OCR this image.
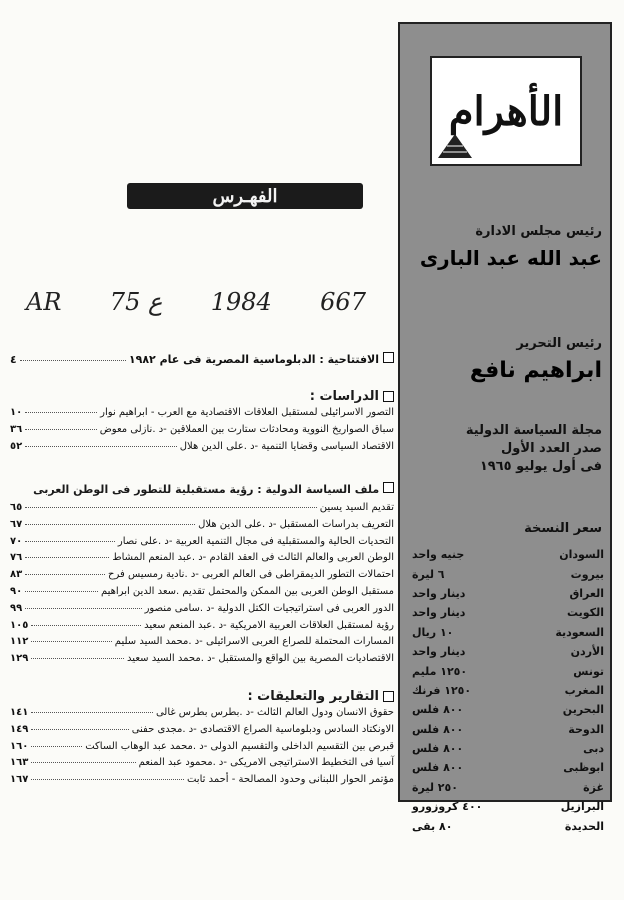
الأهرام
رئيس مجلس الادارة
عبد الله عبد البارى
رئيس التحرير
ابراهيم نافع
مجلة السياسة الدولية
صدر العدد الأول
فى أول يوليو ١٩٦٥
سعر النسخة
السودان
جنيه واحد
بيروت
٦ ليرة
العراق
دينار واحد
الكويت
دينار واحد
السعودية
١٠ ريال
الأردن
دينار واحد
تونس
١٢٥٠ مليم
المغرب
١٢٥٠ فرنك
البحرين
٨٠٠ فلس
الدوحة
٨٠٠ فلس
دبى
٨٠٠ فلس
ابوظبى
٨٠٠ فلس
غزة
٢٥٠ ليرة
البرازيل
٤٠٠ كروزورو
الحديدة
٨٠ بقى
الفهـرس
AR 75 ع 1984 667
الافتتاحية : الدبلوماسية المصرية فى عام ١٩٨٢
٤
الدراسات :
التصور الاسرائيلى لمستقبل العلاقات الاقتصادية مع العرب - ابراهيم نوار
١٠
سباق الصواريخ النووية ومحادثات ستارت بين العملاقين -د .نازلى معوض
٣٦
الاقتصاد السياسى وقضايا التنمية -د .على الدين هلال
٥٢
ملف السياسة الدولية : رؤية مستقبلية للتطور فى الوطن العربى
تقديم السيد يسين
٦٥
التعريف بدراسات المستقبل -د .على الدين هلال
٦٧
التحديات الحالية والمستقبلية فى مجال التنمية العربية -د .على نصار
٧٠
الوطن العربى والعالم الثالث فى العقد القادم -د .عبد المنعم المشاط
٧٦
احتمالات التطور الديمقراطى فى العالم العربى -د .نادية رمسيس فرح
٨٣
مستقبل الوطن العربى بين الممكن والمحتمل تقديم .سعد الدين ابراهيم
٩٠
الدور العربى فى استراتيجيات الكتل الدولية -د .سامى منصور
٩٩
رؤية لمستقبل العلاقات العربية الامريكية -د .عبد المنعم سعيد
١٠٥
المسارات المحتملة للصراع العربى الاسرائيلى -د .محمد السيد سليم
١١٢
الاقتصاديات المصرية بين الواقع والمستقبل -د .محمد السيد سعيد
١٢٩
التقارير والتعليقات :
حقوق الانسان ودول العالم الثالث -د .بطرس بطرس غالى
١٤١
الاونكتاد السادس ودبلوماسية الصراع الاقتصادى -د .مجدى حفنى
١٤٩
قبرص بين التقسيم الداخلى والتقسيم الدولى -د .محمد عبد الوهاب الساكت
١٦٠
آسيا فى التخطيط الاستراتيجى الامريكى -د .محمود عبد المنعم
١٦٣
مؤتمر الحوار اللبنانى وحدود المصالحة - أحمد ثابت
١٦٧
